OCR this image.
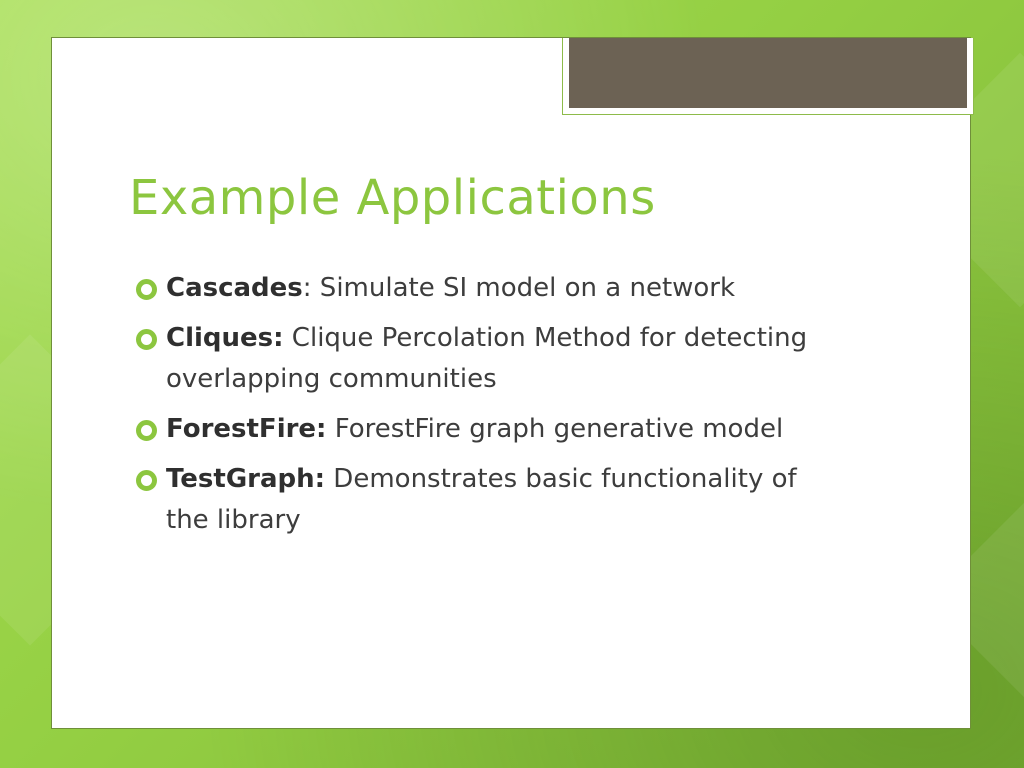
Example Applications
Cascades: Simulate SI model on a network
Cliques: Clique Percolation Method for detecting overlapping communities
ForestFire: ForestFire graph generative model
TestGraph: Demonstrates basic functionality of the library
